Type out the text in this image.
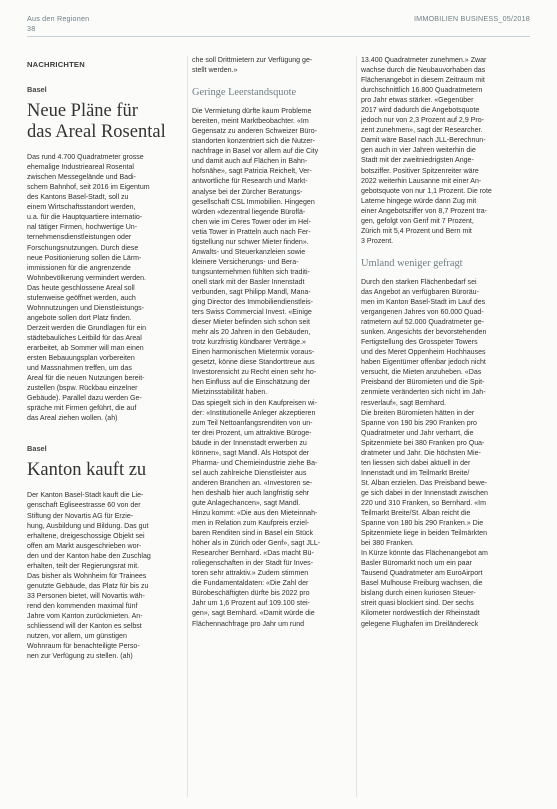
Aus den Regionen
38
IMMOBILIEN BUSINESS_05/2018
NACHRICHTEN
Basel
Neue Pläne für
das Areal Rosental

Das rund 4.700 Quadratmeter grosse

ehemalige Industrieareal Rosental

zwischen Messegelände und Badi-

schem Bahnhof, seit 2016 im Eigentum

des Kantons Basel-Stadt, soll zu

einem Wirtschaftsstandort werden,

u.a. für die Hauptquartiere internatio-

nal tätiger Firmen, hochwertige Un-

ternehmensdienstleistungen oder

Forschungsnutzungen. Durch diese

neue Positionierung sollen die Lärm-

immissionen für die angrenzende

Wohnbevölkerung vermindert werden.

Das heute geschlossene Areal soll

stufenweise geöffnet werden, auch

Wohnnutzungen und Dienstleistungs-

angebote sollen dort Platz finden.

Derzeit werden die Grundlagen für ein

städtebauliches Leitbild für das Areal

erarbeitet, ab Sommer will man einen

ersten Bebauungsplan vorbereiten

und Massnahmen treffen, um das

Areal für die neuen Nutzungen bereit-

zustellen (bspw. Rückbau einzelner

Gebäude). Parallel dazu werden Ge-

spräche mit Firmen geführt, die auf

das Areal ziehen wollen. (ah)

Basel
Kanton kauft zu

Der Kanton Basel-Stadt kauft die Lie-

genschaft Egliseestrasse 60 von der

Stiftung der Novartis AG für Erzie-

hung, Ausbildung und Bildung. Das gut

erhaltene, dreigeschossige Objekt sei

offen am Markt ausgeschrieben wor-

den und der Kanton habe den Zuschlag

erhalten, teilt der Regierungsrat mit.

Das bisher als Wohnheim für Trainees

genutzte Gebäude, das Platz für bis zu

33 Personen bietet, will Novartis wäh-

rend den kommenden maximal fünf

Jahre vom Kanton zurückmieten. An-

schliessend will der Kanton es selbst

nutzen, vor allem, um günstigen

Wohnraum für benachteiligte Perso-

nen zur Verfügung zu stellen. (ah)

che soll Drittmietern zur Verfügung ge-

stellt werden.»

Geringe Leerstandsquote

Die Vermietung dürfte kaum Probleme

bereiten, meint Marktbeobachter. «Im

Gegensatz zu anderen Schweizer Büro-

standorten konzentriert sich die Nutzer-

nachfrage in Basel vor allem auf die City

und damit auch auf Flächen in Bahn-

hofsnähe», sagt Patricia Reichelt, Ver-

antwortliche für Research und Markt-

analyse bei der Zürcher Beratungs-

gesellschaft CSL Immobilien. Hingegen

würden «dezentral liegende Büroflä-

chen wie im Ceres Tower oder im Hel-

vetia Tower in Pratteln auch nach Fer-

tigstellung nur schwer Mieter finden».

Anwalts- und Steuerkanzleien sowie

kleinere Versicherungs- und Bera-

tungsunternehmen fühlten sich traditi-

onell stark mit der Basler Innenstadt

verbunden, sagt Philipp Mandl, Mana-

ging Director des Immobiliendienstleis-

ters Swiss Commercial Invest. «Einige

dieser Mieter befinden sich schon seit

mehr als 20 Jahren in den Gebäuden,

trotz kurzfristig kündbarer Verträge.»

Einen harmonischen Mietermix voraus-

gesetzt, könne diese Standorttreue aus

Investorensicht zu Recht einen sehr ho-

hen Einfluss auf die Einschätzung der

Mietzinsstabilität haben.

Das spiegelt sich in den Kaufpreisen wi-

der: «Institutionelle Anleger akzeptieren

zum Teil Nettoanfangsrenditen von un-

ter drei Prozent, um attraktive Büroge-

bäude in der Innenstadt erwerben zu

können», sagt Mandl. Als Hotspot der

Pharma- und Chemieindustrie ziehe Ba-

sel auch zahlreiche Dienstleister aus

anderen Branchen an. «Investoren se-

hen deshalb hier auch langfristig sehr

gute Anlagechancen», sagt Mandl.

Hinzu kommt: «Die aus den Mieteinnah-

men in Relation zum Kaufpreis erziel-

baren Renditen sind in Basel ein Stück

höher als in Zürich oder Genf», sagt JLL-

Researcher Bernhard. «Das macht Bü-

roliegenschaften in der Stadt für Inves-

toren sehr attraktiv.» Zudem stimmen

die Fundamentaldaten: «Die Zahl der

Bürobeschäftigten dürfte bis 2022 pro

Jahr um 1,6 Prozent auf 109.100 stei-

gen», sagt Bernhard. «Damit würde die

Flächennachfrage pro Jahr um rund

13.400 Quadratmeter zunehmen.» Zwar

wachse durch die Neubauvorhaben das

Flächenangebot in diesem Zeitraum mit

durchschnittlich 16.800 Quadratmetern

pro Jahr etwas stärker. «Gegenüber

2017 wird dadurch die Angebotsquote

jedoch nur von 2,3 Prozent auf 2,9 Pro-

zent zunehmen», sagt der Researcher.

Damit wäre Basel nach JLL-Berechnun-

gen auch in vier Jahren weiterhin die

Stadt mit der zweitniedrigsten Ange-

botsziffer. Positiver Spitzenreiter wäre

2022 weiterhin Lausanne mit einer An-

gebotsquote von nur 1,1 Prozent. Die rote

Laterne hingege würde dann Zug mit

einer Angebotsziffer von 8,7 Prozent tra-

gen, gefolgt von Genf mit 7 Prozent,

Zürich mit 5,4 Prozent und Bern mit

3 Prozent.

Umland weniger gefragt

Durch den starken Flächenbedarf sei

das Angebot an verfügbaren Büroräu-

men im Kanton Basel-Stadt im Lauf des

vergangenen Jahres von 60.000 Quad-

ratmetern auf 52.000 Quadratmeter ge-

sunken. Angesichts der bevorstehenden

Fertigstellung des Grosspeter Towers

und des Meret Oppenheim Hochhauses

haben Eigentümer offenbar jedoch nicht

versucht, die Mieten anzuheben. «Das

Preisband der Büromieten und die Spit-

zenmiete veränderten sich nicht im Jah-

resverlauf», sagt Bernhard.

Die breiten Büromieten hätten in der

Spanne von 190 bis 290 Franken pro

Quadratmeter und Jahr verharrt, die

Spitzenmiete bei 380 Franken pro Qua-

dratmeter und Jahr. Die höchsten Mie-

ten liessen sich dabei aktuell in der

Innenstadt und im Teilmarkt Breite/

St. Alban erzielen. Das Preisband bewe-

ge sich dabei in der Innenstadt zwischen

220 und 310 Franken, so Bernhard. «Im

Teilmarkt Breite/St. Alban reicht die

Spanne von 180 bis 290 Franken.» Die

Spitzenmiete liege in beiden Teilmärkten

bei 380 Franken.

In Kürze könnte das Flächenangebot am

Basler Büromarkt noch um ein paar

Tausend Quadratmeter am EuroAirport

Basel Mulhouse Freiburg wachsen, die

bislang durch einen kuriosen Steuer-

streit quasi blockiert sind. Der sechs

Kilometer nordwestlich der Rheinstadt

gelegene Flughafen im Dreiländereck
